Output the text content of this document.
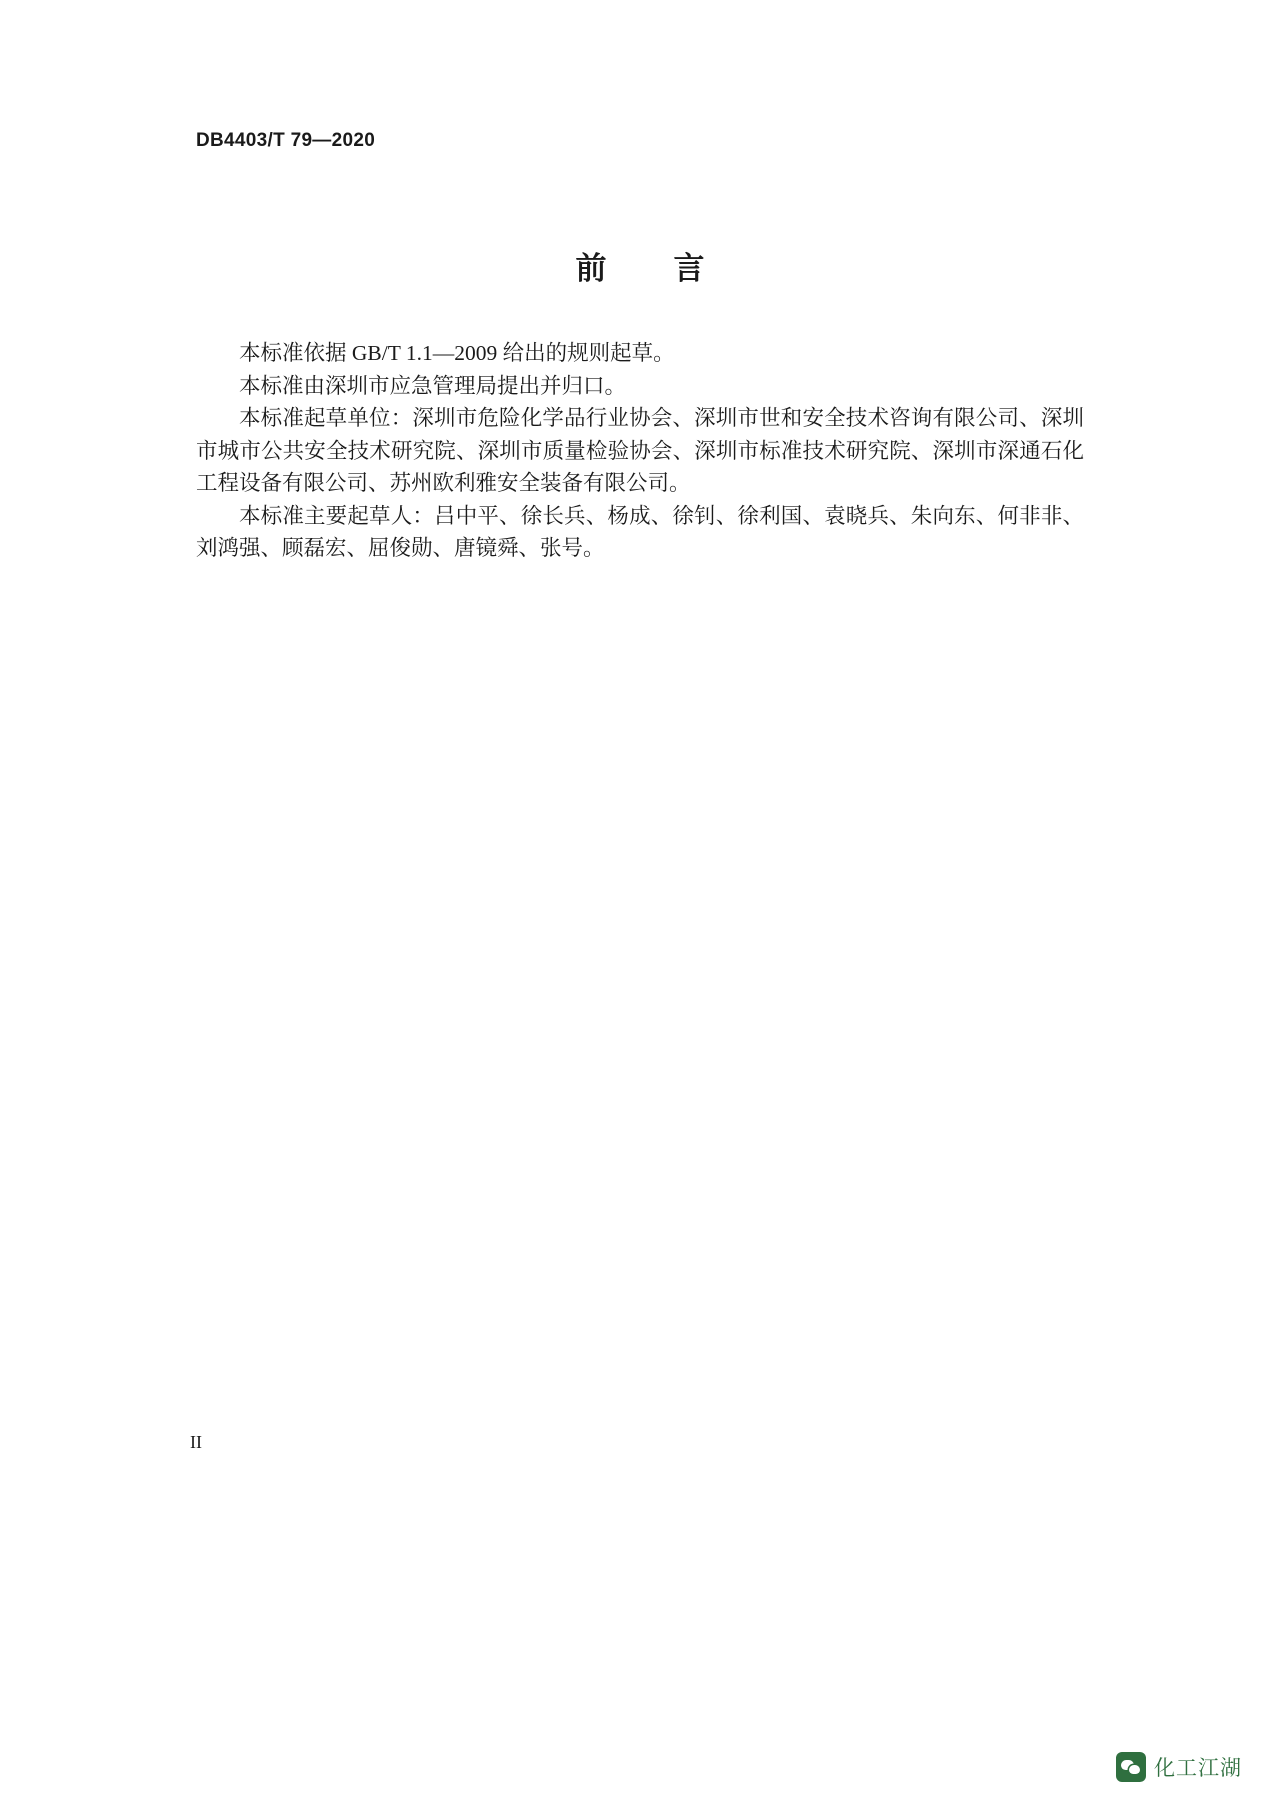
DB4403/T 79—2020
前　言

本标准依据 GB/T 1.1—2009 给出的规则起草。

本标准由深圳市应急管理局提出并归口。

本标准起草单位：深圳市危险化学品行业协会、深圳市世和安全技术咨询有限公司、深圳市城市公共安全技术研究院、深圳市质量检验协会、深圳市标准技术研究院、深圳市深通石化工程设备有限公司、苏州欧利雅安全装备有限公司。

本标准主要起草人：吕中平、徐长兵、杨成、徐钊、徐利国、袁晓兵、朱向东、何非非、刘鸿强、顾磊宏、屈俊勋、唐镜舜、张号。

II
化工江湖
